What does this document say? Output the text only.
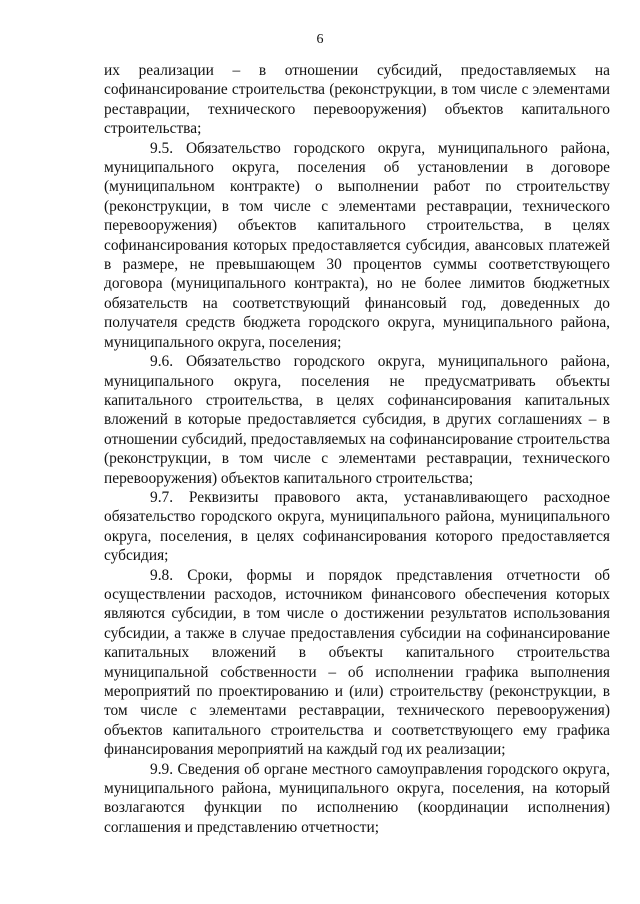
6

их реализации – в отношении субсидий, предоставляемых на софинансирование строительства (реконструкции, в том числе с элементами реставрации, технического перевооружения) объектов капитального строительства;

9.5. Обязательство городского округа, муниципального района, муниципального округа, поселения об установлении в договоре (муниципальном контракте) о выполнении работ по строительству (реконструкции, в том числе с элементами реставрации, технического перевооружения) объектов капитального строительства, в целях софинансирования которых предоставляется субсидия, авансовых платежей в размере, не превышающем 30 процентов суммы соответствующего договора (муниципального контракта), но не более лимитов бюджетных обязательств на соответствующий финансовый год, доведенных до получателя средств бюджета городского округа, муниципального района, муниципального округа, поселения;

9.6. Обязательство городского округа, муниципального района, муниципального округа, поселения не предусматривать объекты капитального строительства, в целях софинансирования капитальных вложений в которые предоставляется субсидия, в других соглашениях – в отношении субсидий, предоставляемых на софинансирование строительства (реконструкции, в том числе с элементами реставрации, технического перевооружения) объектов капитального строительства;

9.7. Реквизиты правового акта, устанавливающего расходное обязательство городского округа, муниципального района, муниципального округа, поселения, в целях софинансирования которого предоставляется субсидия;

9.8. Сроки, формы и порядок представления отчетности об осуществлении расходов, источником финансового обеспечения которых являются субсидии, в том числе о достижении результатов использования субсидии, а также в случае предоставления субсидии на софинансирование капитальных вложений в объекты капитального строительства муниципальной собственности – об исполнении графика выполнения мероприятий по проектированию и (или) строительству (реконструкции, в том числе с элементами реставрации, технического перевооружения) объектов капитального строительства и соответствующего ему графика финансирования мероприятий на каждый год их реализации;

9.9. Сведения об органе местного самоуправления городского округа, муниципального района, муниципального округа, поселения, на который возлагаются функции по исполнению (координации исполнения) соглашения и представлению отчетности;
